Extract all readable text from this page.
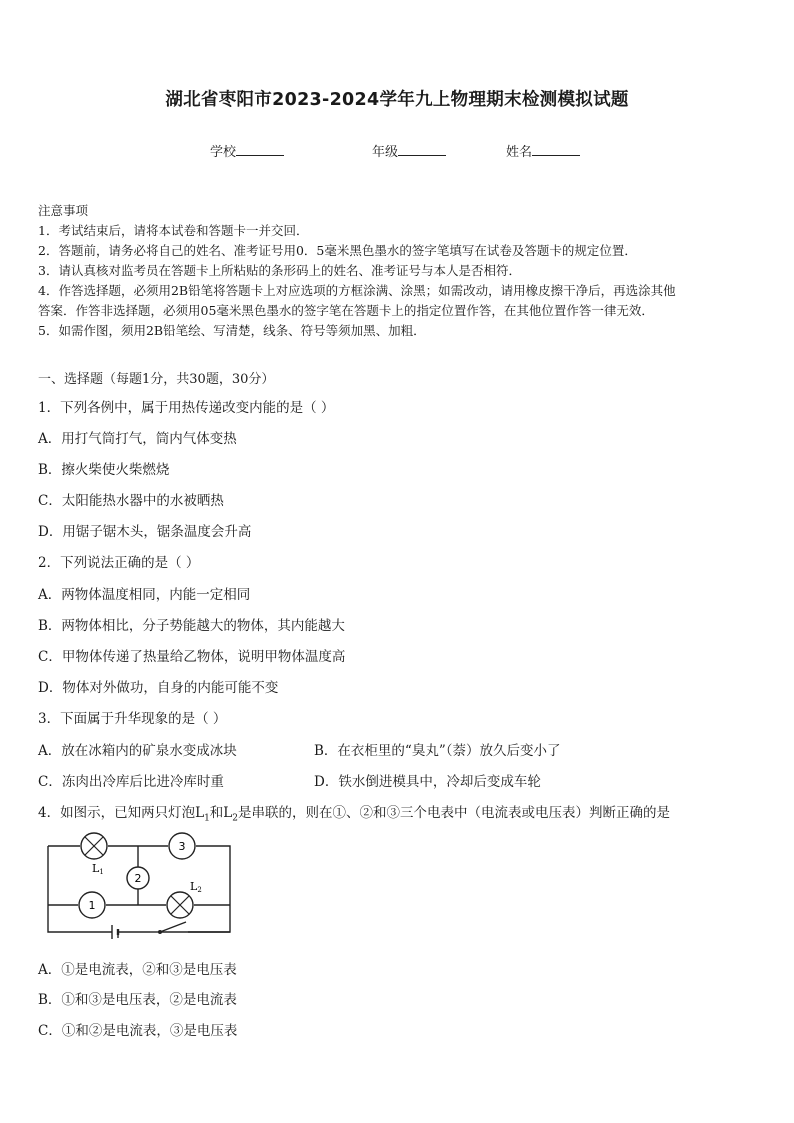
湖北省枣阳市2023-2024学年九上物理期末检测模拟试题
学校	年级	姓名

注意事项

1．考试结束后，请将本试卷和答题卡一并交回．

2．答题前，请务必将自己的姓名、准考证号用0．5毫米黑色墨水的签字笔填写在试卷及答题卡的规定位置．

3．请认真核对监考员在答题卡上所粘贴的条形码上的姓名、准考证号与本人是否相符．

4．作答选择题，必须用2B铅笔将答题卡上对应选项的方框涂满、涂黑；如需改动，请用橡皮擦干净后，再选涂其他

答案．作答非选择题，必须用05毫米黑色墨水的签字笔在答题卡上的指定位置作答，在其他位置作答一律无效．

5．如需作图，须用2B铅笔绘、写清楚，线条、符号等须加黑、加粗．

一、选择题（每题1分，共30题，30分）
1．下列各例中，属于用热传递改变内能的是（ ）
A．用打气筒打气，筒内气体变热
B．擦火柴使火柴燃烧
C．太阳能热水器中的水被晒热
D．用锯子锯木头，锯条温度会升高
2．下列说法正确的是（ ）
A．两物体温度相同，内能一定相同
B．两物体相比，分子势能越大的物体，其内能越大
C．甲物体传递了热量给乙物体，说明甲物体温度高
D．物体对外做功，自身的内能可能不变
3．下面属于升华现象的是（ ）
A．放在冰箱内的矿泉水变成冰块	B．在衣柜里的“臭丸”（萘）放久后变小了
C．冻肉出冷库后比进冷库时重	D．铁水倒进模具中，冷却后变成车轮
4．如图示，已知两只灯泡$L_1$和$L_2$是串联的，则在①、②和③三个电表中（电流表或电压表）判断正确的是
L1
3
2
1
L2
A．①是电流表，②和③是电压表
B．①和③是电压表，②是电流表
C．①和②是电流表，③是电压表
